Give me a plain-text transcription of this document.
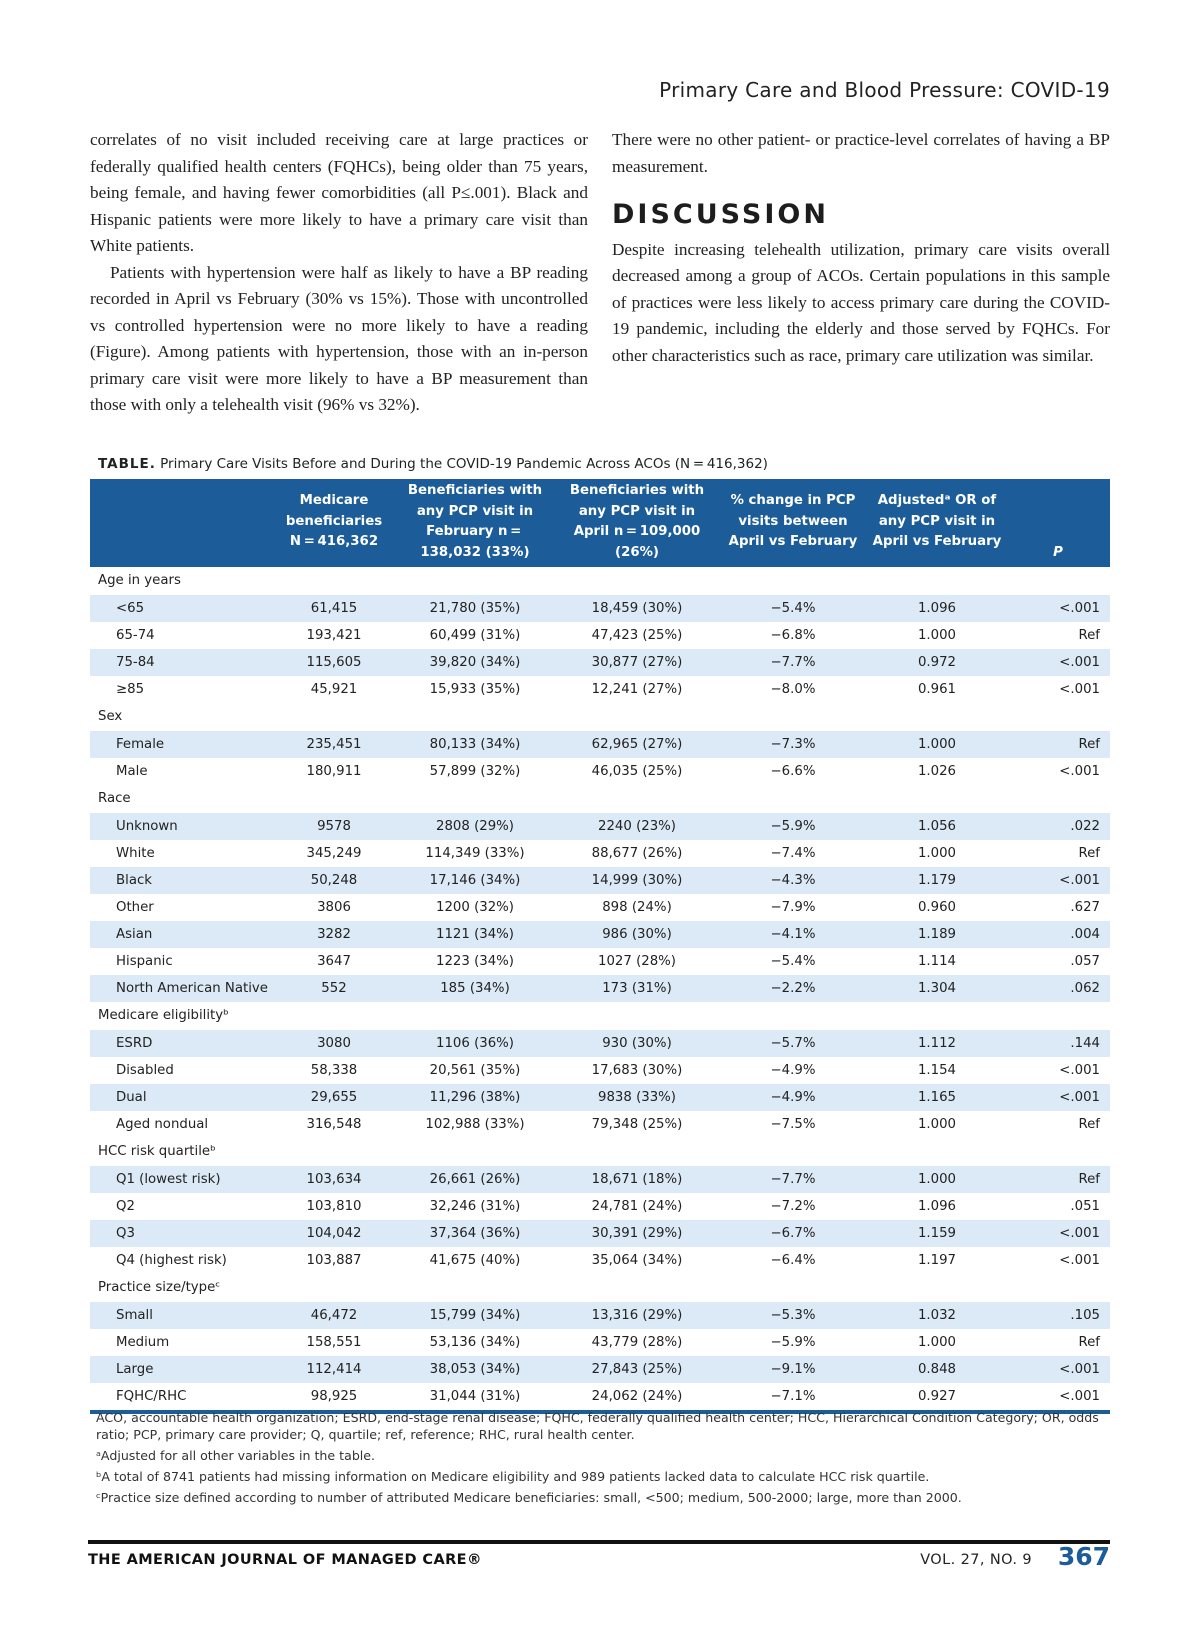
Primary Care and Blood Pressure: COVID-19

correlates of no visit included receiving care at large practices or federally qualified health centers (FQHCs), being older than 75 years, being female, and having fewer comorbidities (all P≤.001). Black and Hispanic patients were more likely to have a primary care visit than White patients.

Patients with hypertension were half as likely to have a BP reading recorded in April vs February (30% vs 15%). Those with uncontrolled vs controlled hypertension were no more likely to have a reading (Figure). Among patients with hypertension, those with an in-person primary care visit were more likely to have a BP measurement than those with only a telehealth visit (96% vs 32%).

There were no other patient- or practice-level correlates of having a BP measurement.

DISCUSSION

Despite increasing telehealth utilization, primary care visits overall decreased among a group of ACOs. Certain populations in this sample of practices were less likely to access primary care during the COVID-19 pandemic, including the elderly and those served by FQHCs. For other characteristics such as race, primary care utilization was similar.

TABLE. Primary Care Visits Before and During the COVID-19 Pandemic Across ACOs (N = 416,362)
	Medicare beneficiaries N = 416,362	Beneficiaries with any PCP visit in February n = 138,032 (33%)	Beneficiaries with any PCP visit in April n = 109,000 (26%)	% change in PCP visits between April vs February	Adjustedᵃ OR of any PCP visit in April vs February	P
Age in years						
<65	61,415	21,780 (35%)	18,459 (30%)	−5.4%	1.096	<.001
65-74	193,421	60,499 (31%)	47,423 (25%)	−6.8%	1.000	Ref
75-84	115,605	39,820 (34%)	30,877 (27%)	−7.7%	0.972	<.001
≥85	45,921	15,933 (35%)	12,241 (27%)	−8.0%	0.961	<.001
Sex						
Female	235,451	80,133 (34%)	62,965 (27%)	−7.3%	1.000	Ref
Male	180,911	57,899 (32%)	46,035 (25%)	−6.6%	1.026	<.001
Race						
Unknown	9578	2808 (29%)	2240 (23%)	−5.9%	1.056	.022
White	345,249	114,349 (33%)	88,677 (26%)	−7.4%	1.000	Ref
Black	50,248	17,146 (34%)	14,999 (30%)	−4.3%	1.179	<.001
Other	3806	1200 (32%)	898 (24%)	−7.9%	0.960	.627
Asian	3282	1121 (34%)	986 (30%)	−4.1%	1.189	.004
Hispanic	3647	1223 (34%)	1027 (28%)	−5.4%	1.114	.057
North American Native	552	185 (34%)	173 (31%)	−2.2%	1.304	.062
Medicare eligibilityᵇ						
ESRD	3080	1106 (36%)	930 (30%)	−5.7%	1.112	.144
Disabled	58,338	20,561 (35%)	17,683 (30%)	−4.9%	1.154	<.001
Dual	29,655	11,296 (38%)	9838 (33%)	−4.9%	1.165	<.001
Aged nondual	316,548	102,988 (33%)	79,348 (25%)	−7.5%	1.000	Ref
HCC risk quartileᵇ						
Q1 (lowest risk)	103,634	26,661 (26%)	18,671 (18%)	−7.7%	1.000	Ref
Q2	103,810	32,246 (31%)	24,781 (24%)	−7.2%	1.096	.051
Q3	104,042	37,364 (36%)	30,391 (29%)	−6.7%	1.159	<.001
Q4 (highest risk)	103,887	41,675 (40%)	35,064 (34%)	−6.4%	1.197	<.001
Practice size/typeᶜ						
Small	46,472	15,799 (34%)	13,316 (29%)	−5.3%	1.032	.105
Medium	158,551	53,136 (34%)	43,779 (28%)	−5.9%	1.000	Ref
Large	112,414	38,053 (34%)	27,843 (25%)	−9.1%	0.848	<.001
FQHC/RHC	98,925	31,044 (31%)	24,062 (24%)	−7.1%	0.927	<.001

ACO, accountable health organization; ESRD, end-stage renal disease; FQHC, federally qualified health center; HCC, Hierarchical Condition Category; OR, odds ratio; PCP, primary care provider; Q, quartile; ref, reference; RHC, rural health center.

ᵃAdjusted for all other variables in the table.

ᵇA total of 8741 patients had missing information on Medicare eligibility and 989 patients lacked data to calculate HCC risk quartile.

ᶜPractice size defined according to number of attributed Medicare beneficiaries: small, <500; medium, 500-2000; large, more than 2000.

THE AMERICAN JOURNAL OF MANAGED CARE®	VOL. 27, NO. 9 367
